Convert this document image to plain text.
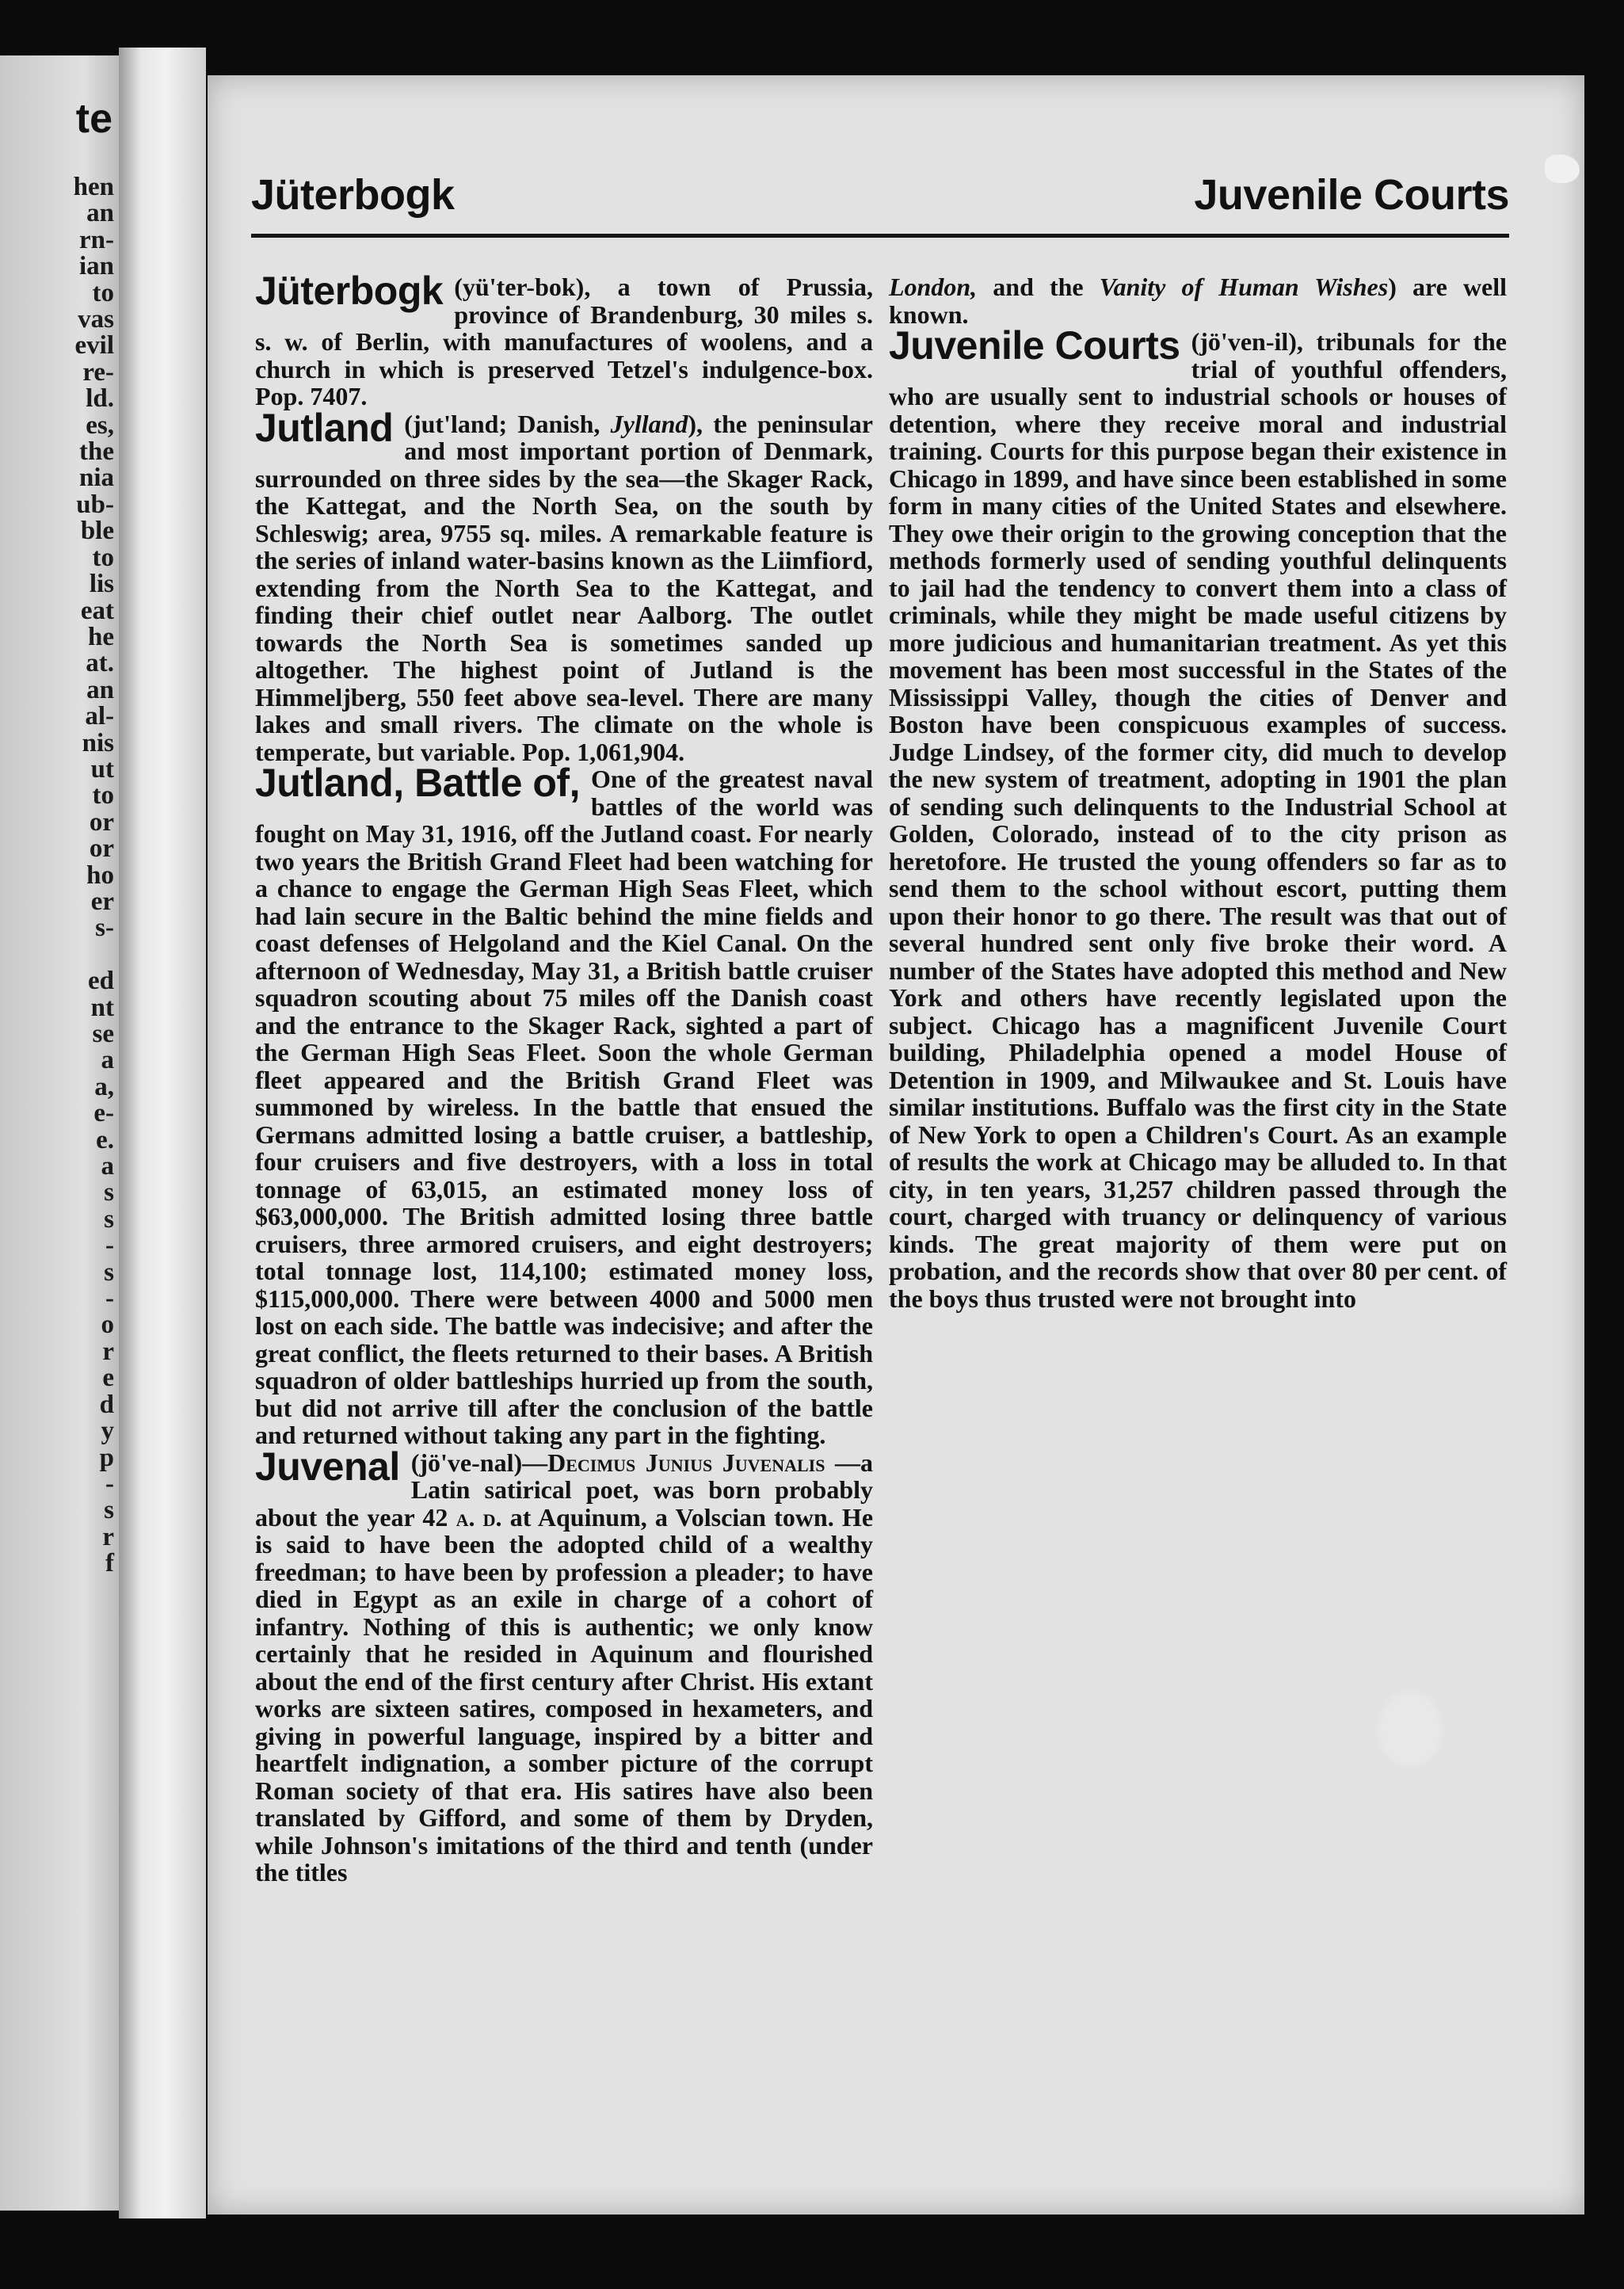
te
hen
an
rn-
ian
to
vas
evil
re-
ld.
es,
the
nia
ub-
ble
to
lis
eat
he
at.
an
al-
nis
ut
to
or
or
ho
er
s-

ed
nt
se
a
a,
e-
e.
a
s
s
-
s
-
o
r
e
d
y
p
-
s
r
f
Jüterbogk	Juvenile Courts

Jüterbogk (yü'ter-bok), a town of Prussia, province of Brandenburg, 30 miles s. s. w. of Berlin, with manufactures of woolens, and a church in which is preserved Tetzel's indulgence-box. Pop. 7407.

Jutland (jut'land; Danish, Jylland), the peninsular and most important portion of Denmark, surrounded on three sides by the sea—the Skager Rack, the Kattegat, and the North Sea, on the south by Schleswig; area, 9755 sq. miles. A remarkable feature is the series of inland water-basins known as the Liimfiord, extending from the North Sea to the Kattegat, and finding their chief outlet near Aalborg. The outlet towards the North Sea is sometimes sanded up altogether. The highest point of Jutland is the Himmeljberg, 550 feet above sea-level. There are many lakes and small rivers. The climate on the whole is temperate, but variable. Pop. 1,061,904.

Jutland, Battle of, One of the greatest naval battles of the world was fought on May 31, 1916, off the Jutland coast. For nearly two years the British Grand Fleet had been watching for a chance to engage the German High Seas Fleet, which had lain secure in the Baltic behind the mine fields and coast defenses of Helgoland and the Kiel Canal. On the afternoon of Wednesday, May 31, a British battle cruiser squadron scouting about 75 miles off the Danish coast and the entrance to the Skager Rack, sighted a part of the German High Seas Fleet. Soon the whole German fleet appeared and the British Grand Fleet was summoned by wireless. In the battle that ensued the Germans admitted losing a battle cruiser, a battleship, four cruisers and five destroyers, with a loss in total tonnage of 63,015, an estimated money loss of $63,000,000. The British admitted losing three battle cruisers, three armored cruisers, and eight destroyers; total tonnage lost, 114,100; estimated money loss, $115,000,000. There were between 4000 and 5000 men lost on each side. The battle was indecisive; and after the great conflict, the fleets returned to their bases. A British squadron of older battleships hurried up from the south, but did not arrive till after the conclusion of the battle and returned without taking any part in the fighting.

Juvenal (jö've-nal)—Decimus Junius Juvenalis —a Latin satirical poet, was born probably about the year 42 a. d. at Aquinum, a Volscian town. He is said to have been the adopted child of a wealthy freedman; to have been by profession a pleader; to have died in Egypt as an exile in charge of a cohort of infantry. Nothing of this is authentic; we only know certainly that he resided in Aquinum and flourished about the end of the first century after Christ. His extant works are sixteen satires, composed in hexameters, and giving in powerful language, inspired by a bitter and heartfelt indignation, a somber picture of the corrupt Roman society of that era. His satires have also been translated by Gifford, and some of them by Dryden, while Johnson's imitations of the third and tenth (under the titles

London, and the Vanity of Human Wishes) are well known.

Juvenile Courts (jö'ven-il), tribunals for the trial of youthful offenders, who are usually sent to industrial schools or houses of detention, where they receive moral and industrial training. Courts for this purpose began their existence in Chicago in 1899, and have since been established in some form in many cities of the United States and elsewhere. They owe their origin to the growing conception that the methods formerly used of sending youthful delinquents to jail had the tendency to convert them into a class of criminals, while they might be made useful citizens by more judicious and humanitarian treatment. As yet this movement has been most successful in the States of the Mississippi Valley, though the cities of Denver and Boston have been conspicuous examples of success. Judge Lindsey, of the former city, did much to develop the new system of treatment, adopting in 1901 the plan of sending such delinquents to the Industrial School at Golden, Colorado, instead of to the city prison as heretofore. He trusted the young offenders so far as to send them to the school without escort, putting them upon their honor to go there. The result was that out of several hundred sent only five broke their word. A number of the States have adopted this method and New York and others have recently legislated upon the subject. Chicago has a magnificent Juvenile Court building, Philadelphia opened a model House of Detention in 1909, and Milwaukee and St. Louis have similar institutions. Buffalo was the first city in the State of New York to open a Children's Court. As an example of results the work at Chicago may be alluded to. In that city, in ten years, 31,257 children passed through the court, charged with truancy or delinquency of various kinds. The great majority of them were put on probation, and the records show that over 80 per cent. of the boys thus trusted were not brought into
